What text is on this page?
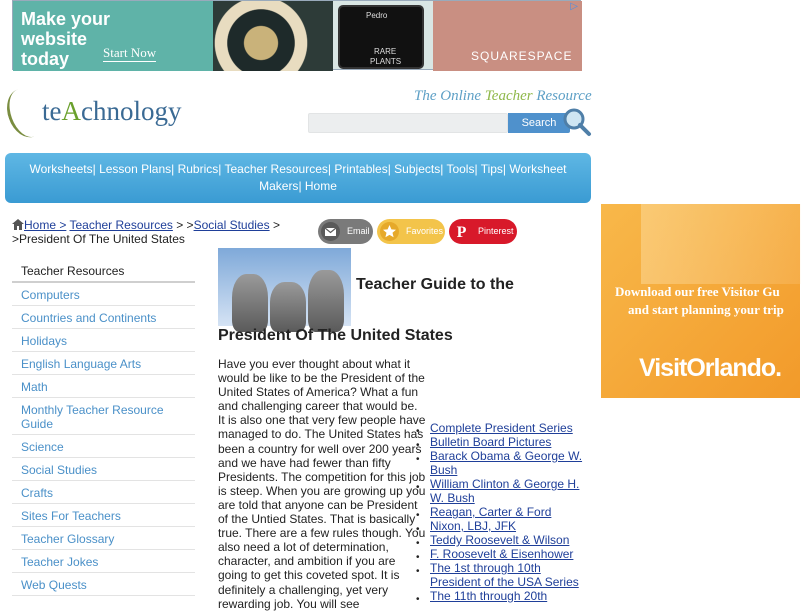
Make your
website
today	Start Now
Pedro
RARE
PLANTS	SQUARESPACE
▷
teAchnology	The Online Teacher Resource
Search
Worksheets| Lesson Plans| Rubrics| Teacher Resources| Printables| Subjects| Tools| Tips| Worksheet Makers| Home
Home > Teacher Resources > >Social Studies >
>President Of The United States
Email	Favorites P Pinterest
Teacher Resources
Computers
Countries and Continents
Holidays
English Language Arts
Math
Monthly Teacher Resource Guide
Science
Social Studies
Crafts
Sites For Teachers
Teacher Glossary
Teacher Jokes
Web Quests
Teacher Guide to the
President Of The United States
Have you ever thought about what it would be like to be the President of the United States of America? What a fun and challenging career that would be. It is also one that very few people have managed to do. The United States has been a country for well over 200 years and we have had fewer than fifty Presidents. The competition for this job is steep. When you are growing up you are told that anyone can be President of the Untied States. That is basically true. There are a few rules though. You also need a lot of determination, character, and ambition if you are going to get this coveted spot. It is definitely a challenging, yet very rewarding job. You will see
• Complete President Series
• Bulletin Board Pictures
• Barack Obama & George W. Bush
• William Clinton & George H. W. Bush
• Reagan, Carter & Ford
• Nixon, LBJ, JFK
• Teddy Roosevelt & Wilson
• F. Roosevelt & Eisenhower
• The 1st through 10th President of the USA Series
• The 11th through 20th
Download our free Visitor Gu
and start planning your trip
VisitOrlando.
